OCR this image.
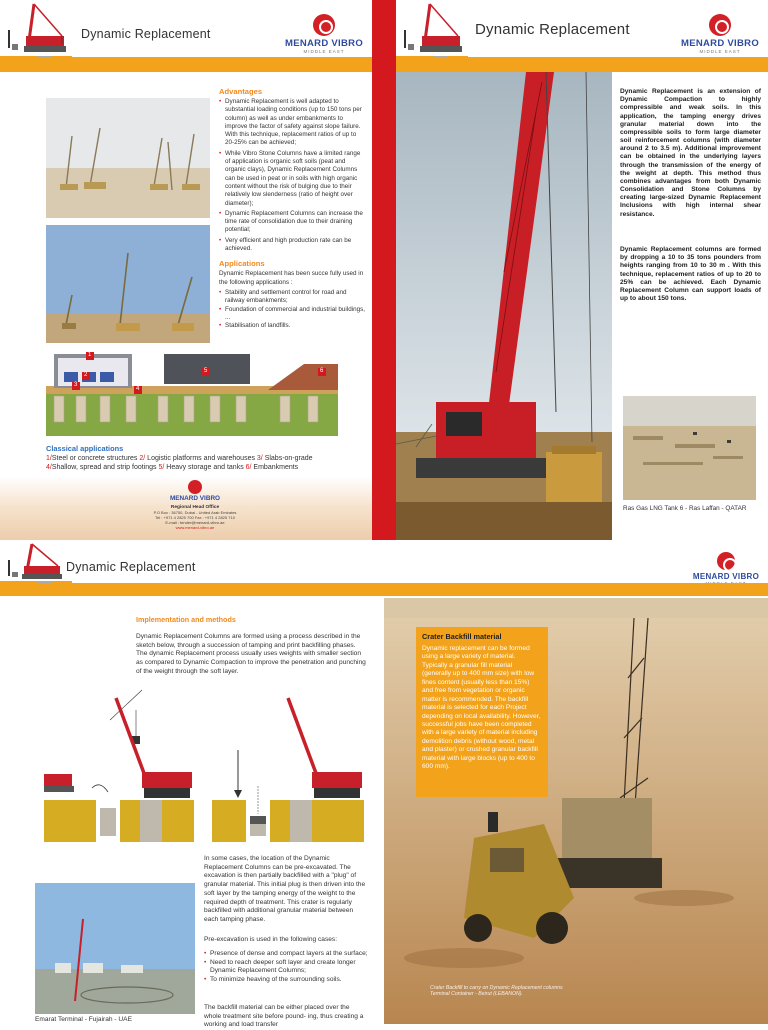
Dynamic Replacement
MENARD VIBRO
MIDDLE EAST
Advantages
• Dynamic Replacement is well adapted to substantial loading conditions (up to 150 tons per column) as well as under embankments to improve the factor of safety against slope failure. With this technique, replacement ratios of up to 20-25% can be achieved;
• While Vibro Stone Columns have a limited range of application is organic soft soils (peat and organic clays), Dynamic Replacement Columns can be used in peat or in soils with high organic content without the risk of bulging due to their relatively low slenderness (ratio of height over diameter);
• Dynamic Replacement Columns can increase the time rate of consolidation due to their draining potential;
• Very efficient and high production rate can be achieved.
Applications
Dynamic Replacement has been succe fully used in the following applications :
• Stability and settlement control for road and railway embankments;
• Foundation of commercial and industrial buildings, ...
• Stabilisation of landfills.
1
2
3
4
5	6
Classical applications
1/Steel or concrete structures 2/ Logistic platforms and warehouses 3/ Slabs-on-grade
4/Shallow, spread and strip footings 5/ Heavy storage and tanks 6/ Embankments
MENARD VIBRO
Regional Head Office
P.O Box : 36750, Dubai - United Arab Emirates
Tel : +971 4 2825 700 Fax : +971 4 2825 710
E-mail : tender@menard-vibro.ae
www.menard-vibro.ae
Dynamic Replacement
MENARD VIBRO
MIDDLE EAST
Dynamic Replacement is an extension of Dynamic Compaction to highly compressible and weak soils. In this application, the tamping energy drives granular material down into the compressible soils to form large diameter soil reinforcement columns (with diameter around 2 to 3.5 m). Additional improvement can be obtained in the underlying layers through the transmission of the energy of the weight at depth. This method thus combines advantages from both Dynamic Consolidation and Stone Columns by creating large-sized Dynamic Replacement Inclusions with high internal shear resistance.
Dynamic Replacement columns are formed by dropping a 10 to 35 tons pounders from heights ranging from 10 to 30 m . With this technique, replacement ratios of up to 20 to 25% can be achieved. Each Dynamic Replacement Column can support loads of up to about 150 tons.
Ras Gas LNG Tank 6 - Ras Laffan - QATAR
Dynamic Replacement
MENARD VIBRO
Implementation and methods
Dynamic Replacement Columns are formed using a process described in the sketch below, through a succession of tamping and print backfilling phases. The dynamic Replacement process usually uses weights with smaller section as compared to Dynamic Compaction to improve the penetration and punching of the weight through the soft layer.
In some cases, the location of the Dynamic Replacement Columns can be pre-excavated. The excavation is then partially backfilled with a "plug" of granular material. This initial plug is then driven into the soft layer by the tamping energy of the weight to the required depth of treatment. This crater is regularly backfilled with additional granular material between each tamping phase.
Pre-excavation is used in the following cases:
• Presence of dense and compact layers at the surface;
• Need to reach deeper soft layer and create longer Dynamic Replacement Columns;
• To minimize heaving of the surrounding soils.
The backfill material can be either placed over the whole treatment site before pound- ing, thus creating a working and load transfer
Emarat Terminal - Fujairah - UAE
Crater Backfill material
Dynamic replacement can be formed using a large variety of material. Typically a granular fill material (generally up to 400 mm size) with low fines content (usually less than 15%) and free from vegetation or organic matter is recommended. The backfill material is selected for each Project depending on local availability. However, successful jobs have been completed with a large variety of material including demolition debris (without wood, metal and plaster) or crushed granular backfill material with large blocks (up to 400 to 600 mm).
Crater Backfill to carry on Dynamic Replacement columns
Terminal Container - Beirut (LEBANON).
